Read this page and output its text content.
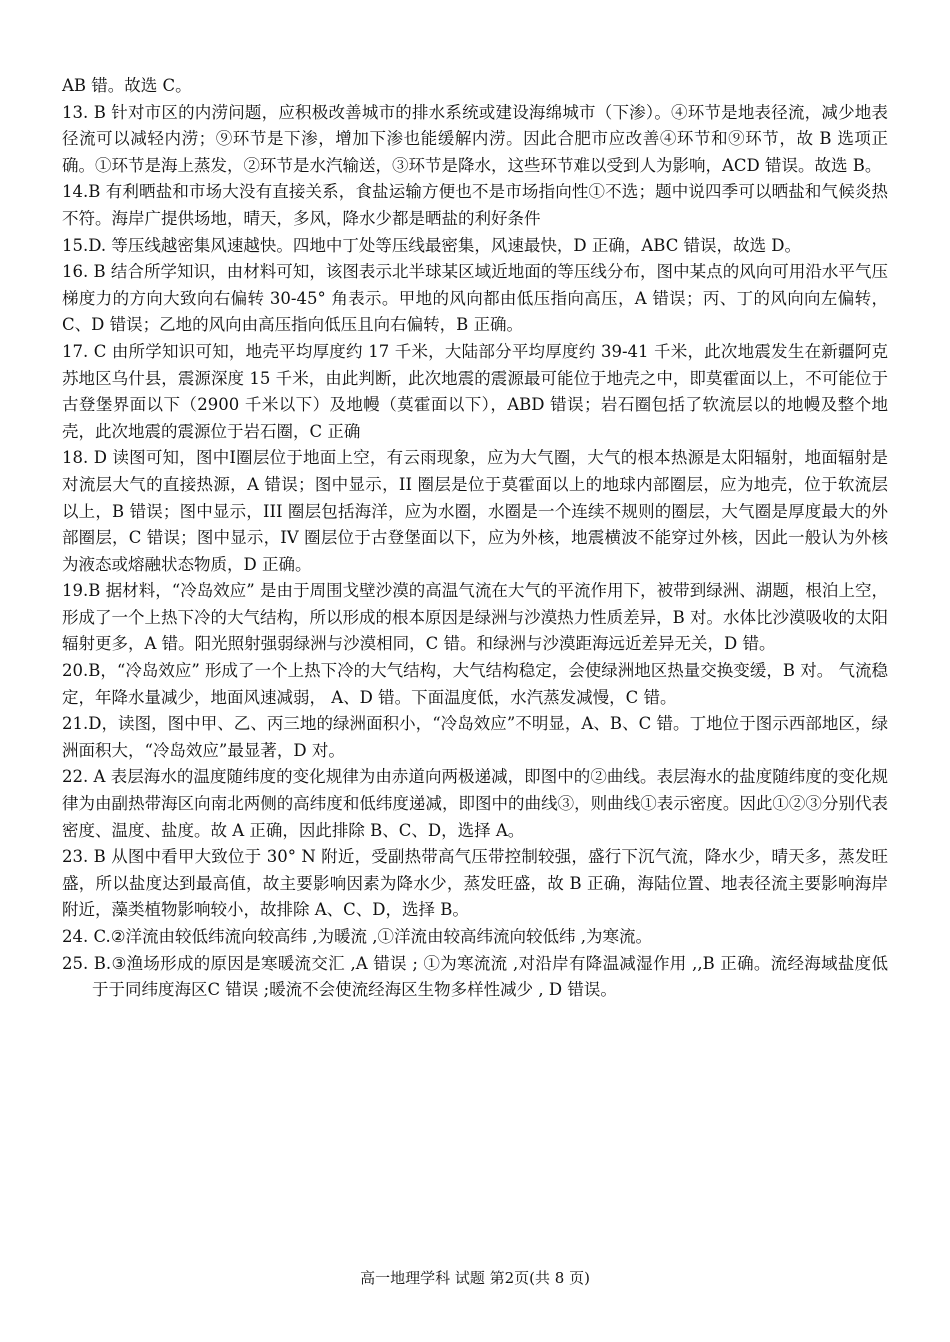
AB 错。故选 C。

13. B 针对市区的内涝问题，应积极改善城市的排水系统或建设海绵城市（下渗）。④环节是地表径流，减少地表径流可以减轻内涝；⑨环节是下渗，增加下渗也能缓解内涝。因此合肥市应改善④环节和⑨环节，故 B 选项正确。①环节是海上蒸发，②环节是水汽输送，③环节是降水，这些环节难以受到人为影响，ACD 错误。故选 B。

14.B 有利晒盐和市场大没有直接关系，食盐运输方便也不是市场指向性①不选；题中说四季可以晒盐和气候炎热不符。海岸广提供场地，晴天，多风，降水少都是晒盐的利好条件

15.D. 等压线越密集风速越快。四地中丁处等压线最密集，风速最快，D 正确，ABC 错误，故选 D。

16. B 结合所学知识，由材料可知，该图表示北半球某区域近地面的等压线分布，图中某点的风向可用沿水平气压梯度力的方向大致向右偏转 30-45° 角表示。甲地的风向都由低压指向高压，A 错误；丙、丁的风向向左偏转，C、D 错误；乙地的风向由高压指向低压且向右偏转，B 正确。

17. C 由所学知识可知，地壳平均厚度约 17 千米，大陆部分平均厚度约 39-41 千米，此次地震发生在新疆阿克苏地区乌什县，震源深度 15 千米，由此判断，此次地震的震源最可能位于地壳之中，即莫霍面以上，不可能位于古登堡界面以下（2900 千米以下）及地幔（莫霍面以下），ABD 错误；岩石圈包括了软流层以的地幔及整个地壳，此次地震的震源位于岩石圈，C 正确

18. D 读图可知，图中Ⅰ圈层位于地面上空，有云雨现象，应为大气圈，大气的根本热源是太阳辐射，地面辐射是对流层大气的直接热源，A 错误；图中显示，II 圈层是位于莫霍面以上的地球内部圈层，应为地壳，位于软流层以上，B 错误；图中显示，III 圈层包括海洋，应为水圈，水圈是一个连续不规则的圈层，大气圈是厚度最大的外部圈层，C 错误；图中显示，IV 圈层位于古登堡面以下，应为外核，地震横波不能穿过外核，因此一般认为外核为液态或熔融状态物质，D 正确。

19.B 据材料，“冷岛效应” 是由于周围戈壁沙漠的高温气流在大气的平流作用下，被带到绿洲、湖题，根泊上空，形成了一个上热下冷的大气结构，所以形成的根本原因是绿洲与沙漠热力性质差异，B 对。水体比沙漠吸收的太阳辐射更多，A 错。阳光照射强弱绿洲与沙漠相同，C 错。和绿洲与沙漠距海远近差异无关，D 错。

20.B，“冷岛效应” 形成了一个上热下冷的大气结构，大气结构稳定，会使绿洲地区热量交换变缓，B 对。 气流稳定，年降水量减少，地面风速减弱， A、D 错。下面温度低，水汽蒸发减慢，C 错。

21.D，读图，图中甲、乙、丙三地的绿洲面积小，“冷岛效应”不明显，A、B、C 错。丁地位于图示西部地区，绿洲面积大，“冷岛效应”最显著，D 对。

22. A 表层海水的温度随纬度的变化规律为由赤道向两极递减，即图中的②曲线。表层海水的盐度随纬度的变化规律为由副热带海区向南北两侧的高纬度和低纬度递减，即图中的曲线③，则曲线①表示密度。因此①②③分别代表密度、温度、盐度。故 A 正确，因此排除 B、C、D，选择 A。

23. B 从图中看甲大致位于 30° N 附近，受副热带高气压带控制较强，盛行下沉气流，降水少，晴天多，蒸发旺盛，所以盐度达到最高值，故主要影响因素为降水少，蒸发旺盛，故 B 正确，海陆位置、地表径流主要影响海岸附近，藻类植物影响较小，故排除 A、C、D，选择 B。

24. C.②洋流由较低纬流向较高纬 ,为暖流 ,①洋流由较高纬流向较低纬 ,为寒流。

25. B.③渔场形成的原因是寒暖流交汇 ,A 错误 ; ①为寒流流 ,对沿岸有降温减湿作用 ,,B 正确。流经海域盐度低于于同纬度海区C 错误 ;暖流不会使流经海区生物多样性减少 , D 错误。

高一地理学科 试题 第2页(共 8 页)
